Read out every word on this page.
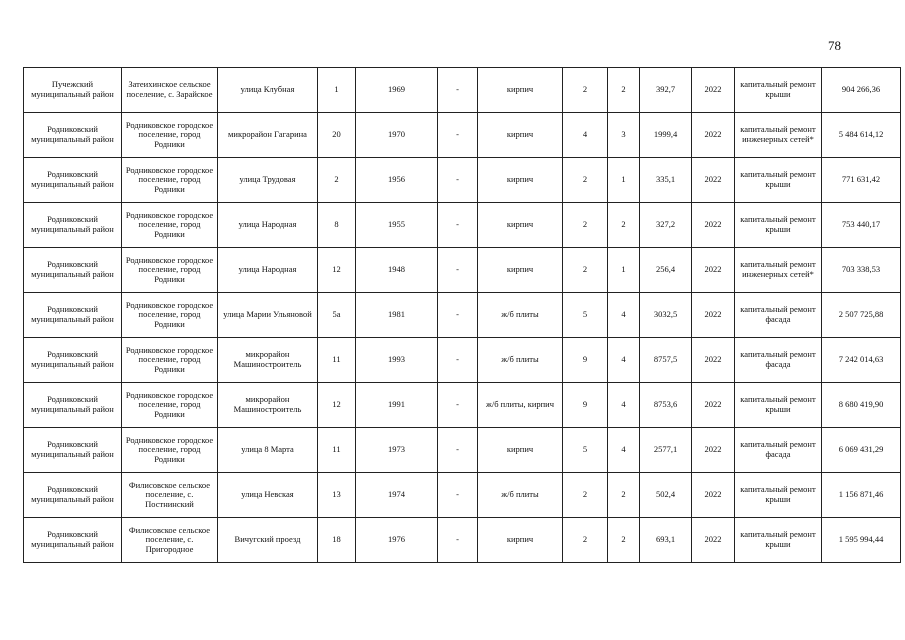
78
Пучежский муниципальный район	Затеихинское сельское поселение, с. Зарайское	улица Клубная	1	1969	-	кирпич	2	2	392,7	2022	капитальный ремонт крыши	904 266,36
Родниковский муниципальный район	Родниковское городское поселение, город Родники	микрорайон Гагарина	20	1970	-	кирпич	4	3	1999,4	2022	капитальный ремонт инженерных сетей*	5 484 614,12
Родниковский муниципальный район	Родниковское городское поселение, город Родники	улица Трудовая	2	1956	-	кирпич	2	1	335,1	2022	капитальный ремонт крыши	771 631,42
Родниковский муниципальный район	Родниковское городское поселение, город Родники	улица Народная	8	1955	-	кирпич	2	2	327,2	2022	капитальный ремонт крыши	753 440,17
Родниковский муниципальный район	Родниковское городское поселение, город Родники	улица Народная	12	1948	-	кирпич	2	1	256,4	2022	капитальный ремонт инженерных сетей*	703 338,53
Родниковский муниципальный район	Родниковское городское поселение, город Родники	улица Марии Ульяновой	5а	1981	-	ж/б плиты	5	4	3032,5	2022	капитальный ремонт фасада	2 507 725,88
Родниковский муниципальный район	Родниковское городское поселение, город Родники	микрорайон Машиностроитель	11	1993	-	ж/б плиты	9	4	8757,5	2022	капитальный ремонт фасада	7 242 014,63
Родниковский муниципальный район	Родниковское городское поселение, город Родники	микрорайон Машиностроитель	12	1991	-	ж/б плиты, кирпич	9	4	8753,6	2022	капитальный ремонт крыши	8 680 419,90
Родниковский муниципальный район	Родниковское городское поселение, город Родники	улица 8 Марта	11	1973	-	кирпич	5	4	2577,1	2022	капитальный ремонт фасада	6 069 431,29
Родниковский муниципальный район	Филисовское сельское поселение, с. Постнинский	улица Невская	13	1974	-	ж/б плиты	2	2	502,4	2022	капитальный ремонт крыши	1 156 871,46
Родниковский муниципальный район	Филисовское сельское поселение, с. Пригородное	Вичугский проезд	18	1976	-	кирпич	2	2	693,1	2022	капитальный ремонт крыши	1 595 994,44
